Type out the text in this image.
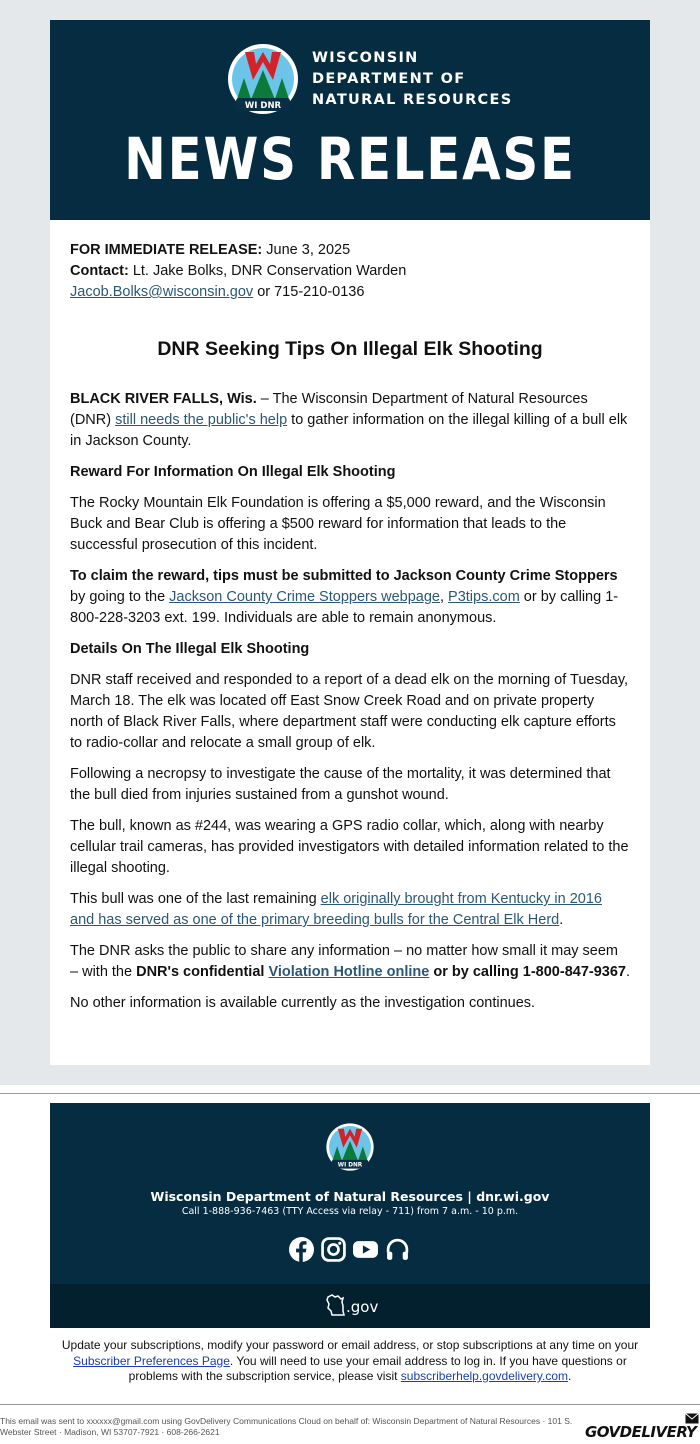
WI DNR
WISCONSIN
DEPARTMENT OF
NATURAL RESOURCES
NEWS RELEASE

FOR IMMEDIATE RELEASE: June 3, 2025

Contact: Lt. Jake Bolks, DNR Conservation Warden

Jacob.Bolks@wisconsin.gov or 715-210-0136

DNR Seeking Tips On Illegal Elk Shooting

BLACK RIVER FALLS, Wis. – The Wisconsin Department of Natural Resources (DNR) still needs the public's help to gather information on the illegal killing of a bull elk in Jackson County.

Reward For Information On Illegal Elk Shooting

The Rocky Mountain Elk Foundation is offering a $5,000 reward, and the Wisconsin Buck and Bear Club is offering a $500 reward for information that leads to the successful prosecution of this incident.

To claim the reward, tips must be submitted to Jackson County Crime Stoppers by going to the Jackson County Crime Stoppers webpage, P3tips.com or by calling 1-800-228-3203 ext. 199. Individuals are able to remain anonymous.

Details On The Illegal Elk Shooting

DNR staff received and responded to a report of a dead elk on the morning of Tuesday, March 18. The elk was located off East Snow Creek Road and on private property north of Black River Falls, where department staff were conducting elk capture efforts to radio-collar and relocate a small group of elk.

Following a necropsy to investigate the cause of the mortality, it was determined that the bull died from injuries sustained from a gunshot wound.

The bull, known as #244, was wearing a GPS radio collar, which, along with nearby cellular trail cameras, has provided investigators with detailed information related to the illegal shooting.

This bull was one of the last remaining elk originally brought from Kentucky in 2016 and has served as one of the primary breeding bulls for the Central Elk Herd.

The DNR asks the public to share any information – no matter how small it may seem – with the DNR's confidential Violation Hotline online or by calling 1-800-847-9367.

No other information is available currently as the investigation continues.

WI DNR
Wisconsin Department of Natural Resources | dnr.wi.gov
Call 1-888-936-7463 (TTY Access via relay - 711) from 7 a.m. - 10 p.m.
.gov
Update your subscriptions, modify your password or email address, or stop subscriptions at any time on your Subscriber Preferences Page. You will need to use your email address to log in. If you have questions or problems with the subscription service, please visit subscriberhelp.govdelivery.com.
This email was sent to xxxxxx@gmail.com using GovDelivery Communications Cloud on behalf of: Wisconsin Department of Natural Resources · 101 S. Webster Street · Madison, WI 53707-7921 · 608-266-2621	GOVDELIVERY
